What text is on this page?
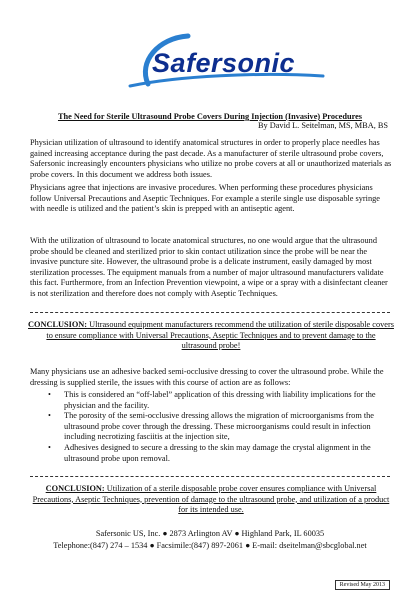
Safersonic
The Need for Sterile Ultrasound Probe Covers During Injection (Invasive) Procedures
By David L. Seitelman, MS, MBA, BS

Physician utilization of ultrasound to identify anatomical structures in order to properly place needles has gained increasing acceptance during the past decade. As a manufacturer of sterile ultrasound probe covers, Safersonic increasingly encounters physicians who utilize no probe covers at all or unauthorized materials as probe covers. In this document we address both issues.

Physicians agree that injections are invasive procedures. When performing these procedures physicians follow Universal Precautions and Aseptic Techniques. For example a sterile single use disposable syringe with needle is utilized and the patient’s skin is prepped with an antiseptic agent.

With the utilization of ultrasound to locate anatomical structures, no one would argue that the ultrasound probe should be cleaned and sterilized prior to skin contact utilization since the probe will be near the invasive puncture site. However, the ultrasound probe is a delicate instrument, easily damaged by most sterilization processes. The equipment manuals from a number of major ultrasound manufacturers validate this fact. Furthermore, from an Infection Prevention viewpoint, a wipe or a spray with a disinfectant cleaner is not sterilization and therefore does not comply with Aseptic Techniques.

CONCLUSION: Ultrasound equipment manufacturers recommend the utilization of sterile disposable covers to ensure compliance with Universal Precautions, Aseptic Techniques and to prevent damage to the ultrasound probe!

Many physicians use an adhesive backed semi-occlusive dressing to cover the ultrasound probe. While the dressing is supplied sterile, the issues with this course of action are as follows:

• This is considered an “off-label” application of this dressing with liability implications for the physician and the facility.
• The porosity of the semi-occlusive dressing allows the migration of microorganisms from the ultrasound probe cover through the dressing. These microorganisms could result in infection including necrotizing fasciitis at the injection site,
• Adhesives designed to secure a dressing to the skin may damage the crystal alignment in the ultrasound probe upon removal.
CONCLUSION: Utilization of a sterile disposable probe cover ensures compliance with Universal Precautions, Aseptic Techniques, prevention of damage to the ultrasound probe, and utilization of a product for its intended use.
Safersonic US, Inc. ● 2873 Arlington AV ● Highland Park, IL 60035
Telephone:(847) 274 – 1534 ● Facsimile:(847) 897-2061 ● E-mail: dseitelman@sbcglobal.net
Revised May 2013
